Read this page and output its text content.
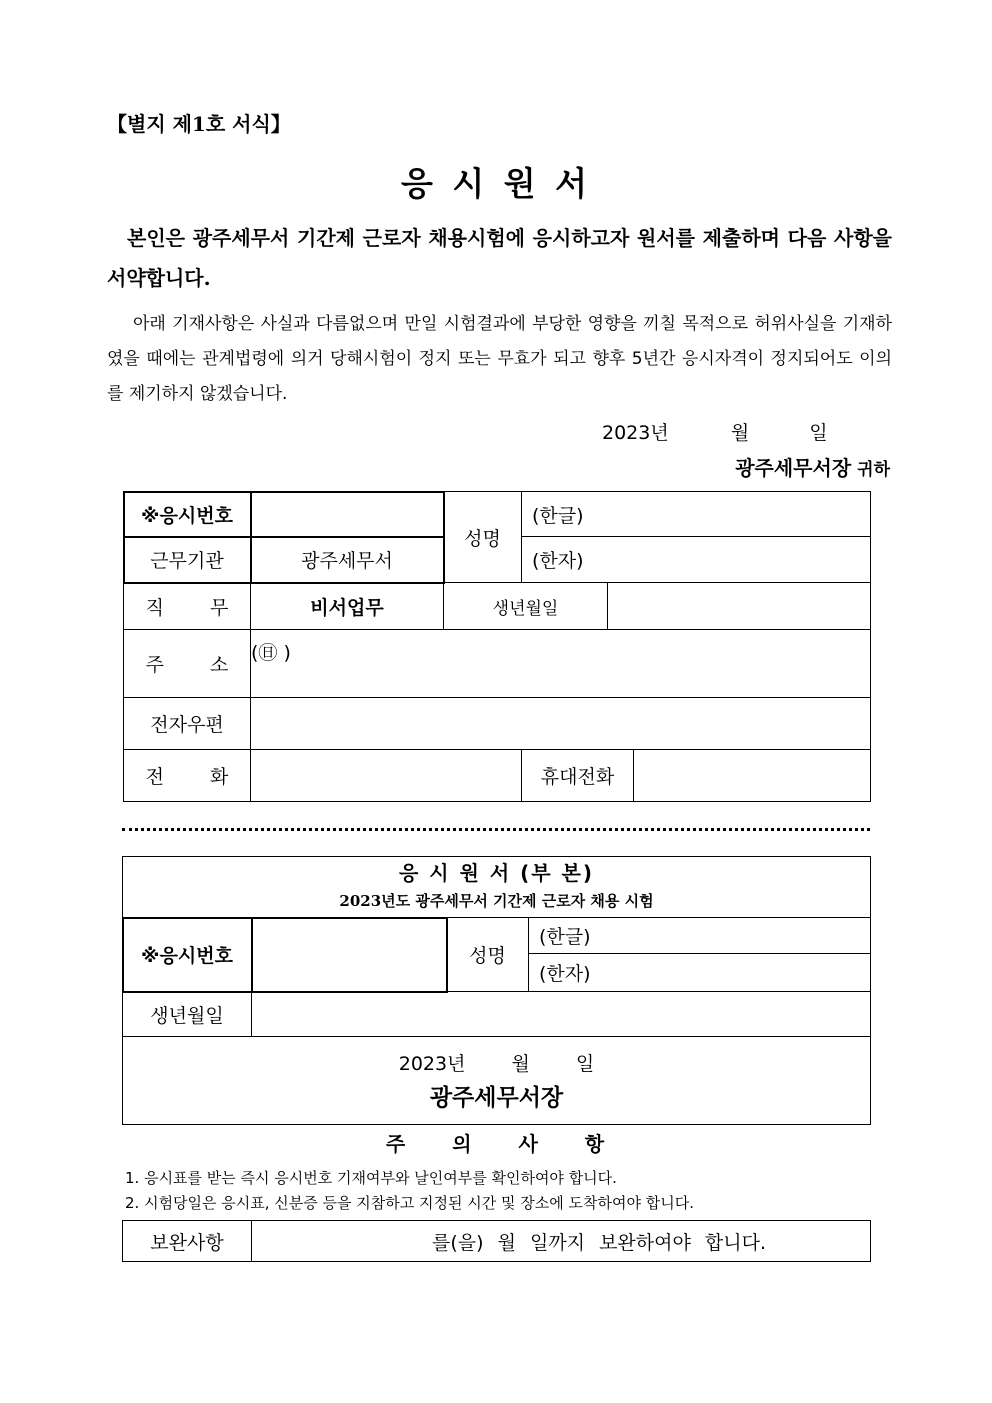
【별지 제1호 서식】
응 시 원 서
본인은 광주세무서 기간제 근로자 채용시험에 응시하고자 원서를 제출하며 다음 사항을 서약합니다.
아래 기재사항은 사실과 다름없으며 만일 시험결과에 부당한 영향을 끼칠 목적으로 허위사실을 기재하였을 때에는 관계법령에 의거 당해시험이 정지 또는 무효가 되고 향후 5년간 응시자격이 정지되어도 이의를 제기하지 않겠습니다.
2023년	월	일
광주세무서장 귀하
※응시번호		성명	(한글)		
근무기관	광주세무서		(한자)		
직 무	비서업무	생년월일			
주 소	(㊐ )				
전자우편					
전 화			휴대전화		
응 시 원 서 (부 본)
2023년도 광주세무서 기간제 근로자 채용 시험			

※응시번호		성명	(한글)
			(한자)
생년월일			

2023년 월 일
광주세무서장			
주 의 사 항
1. 응시표를 받는 즉시 응시번호 기재여부와 날인여부를 확인하여야 합니다.
2. 시험당일은 응시표, 신분증 등을 지참하고 지정된 시간 및 장소에 도착하여야 합니다.
보완사항	를(을) 월 일까지 보완하여야 합니다.
